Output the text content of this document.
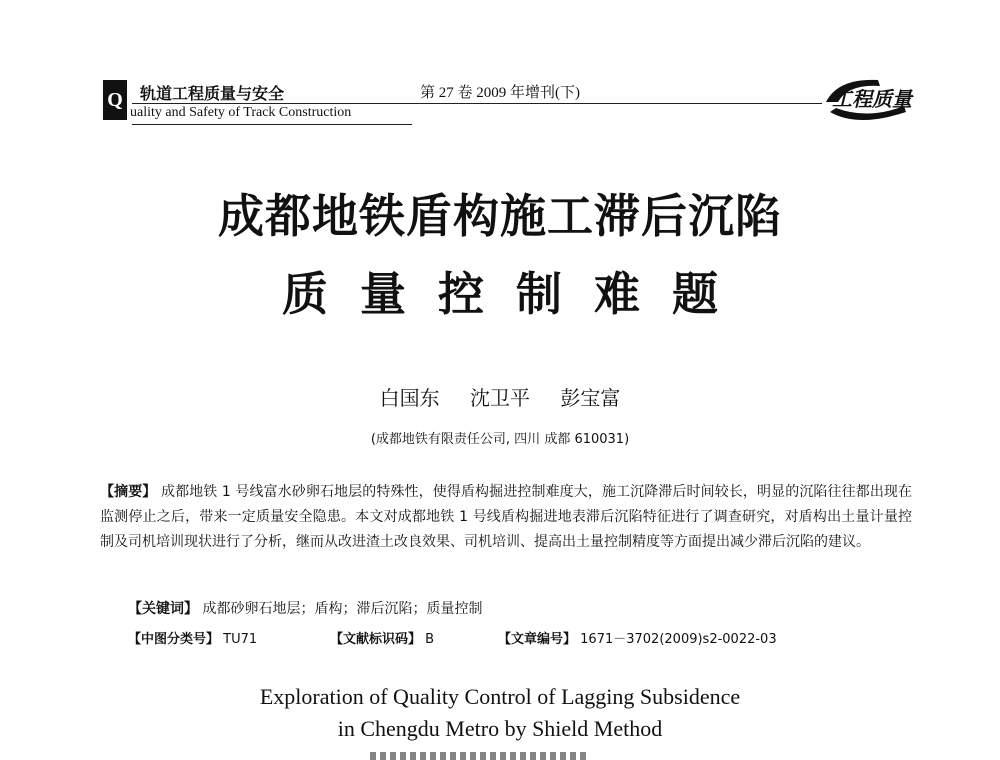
Q 轨道工程质量与安全	第 27 卷 2009 年增刊(下)
uality and Safety of Track Construction
工程质量
成都地铁盾构施工滞后沉陷
质量控制难题
白国东 沈卫平 彭宝富
(成都地铁有限责任公司, 四川 成都 610031)
【摘要】 成都地铁 1 号线富水砂卵石地层的特殊性，使得盾构掘进控制难度大，施工沉降滞后时间较长，明显的沉陷往往都出现在监测停止之后，带来一定质量安全隐患。本文对成都地铁 1 号线盾构掘进地表滞后沉陷特征进行了调查研究，对盾构出土量计量控制及司机培训现状进行了分析，继而从改进渣土改良效果、司机培训、提高出土量控制精度等方面提出减少滞后沉陷的建议。
【关键词】 成都砂卵石地层；盾构；滞后沉陷；质量控制
【中图分类号】 TU71	【文献标识码】 B	【文章编号】 1671－3702(2009)s2-0022-03
Exploration of Quality Control of Lagging Subsidence
in Chengdu Metro by Shield Method
